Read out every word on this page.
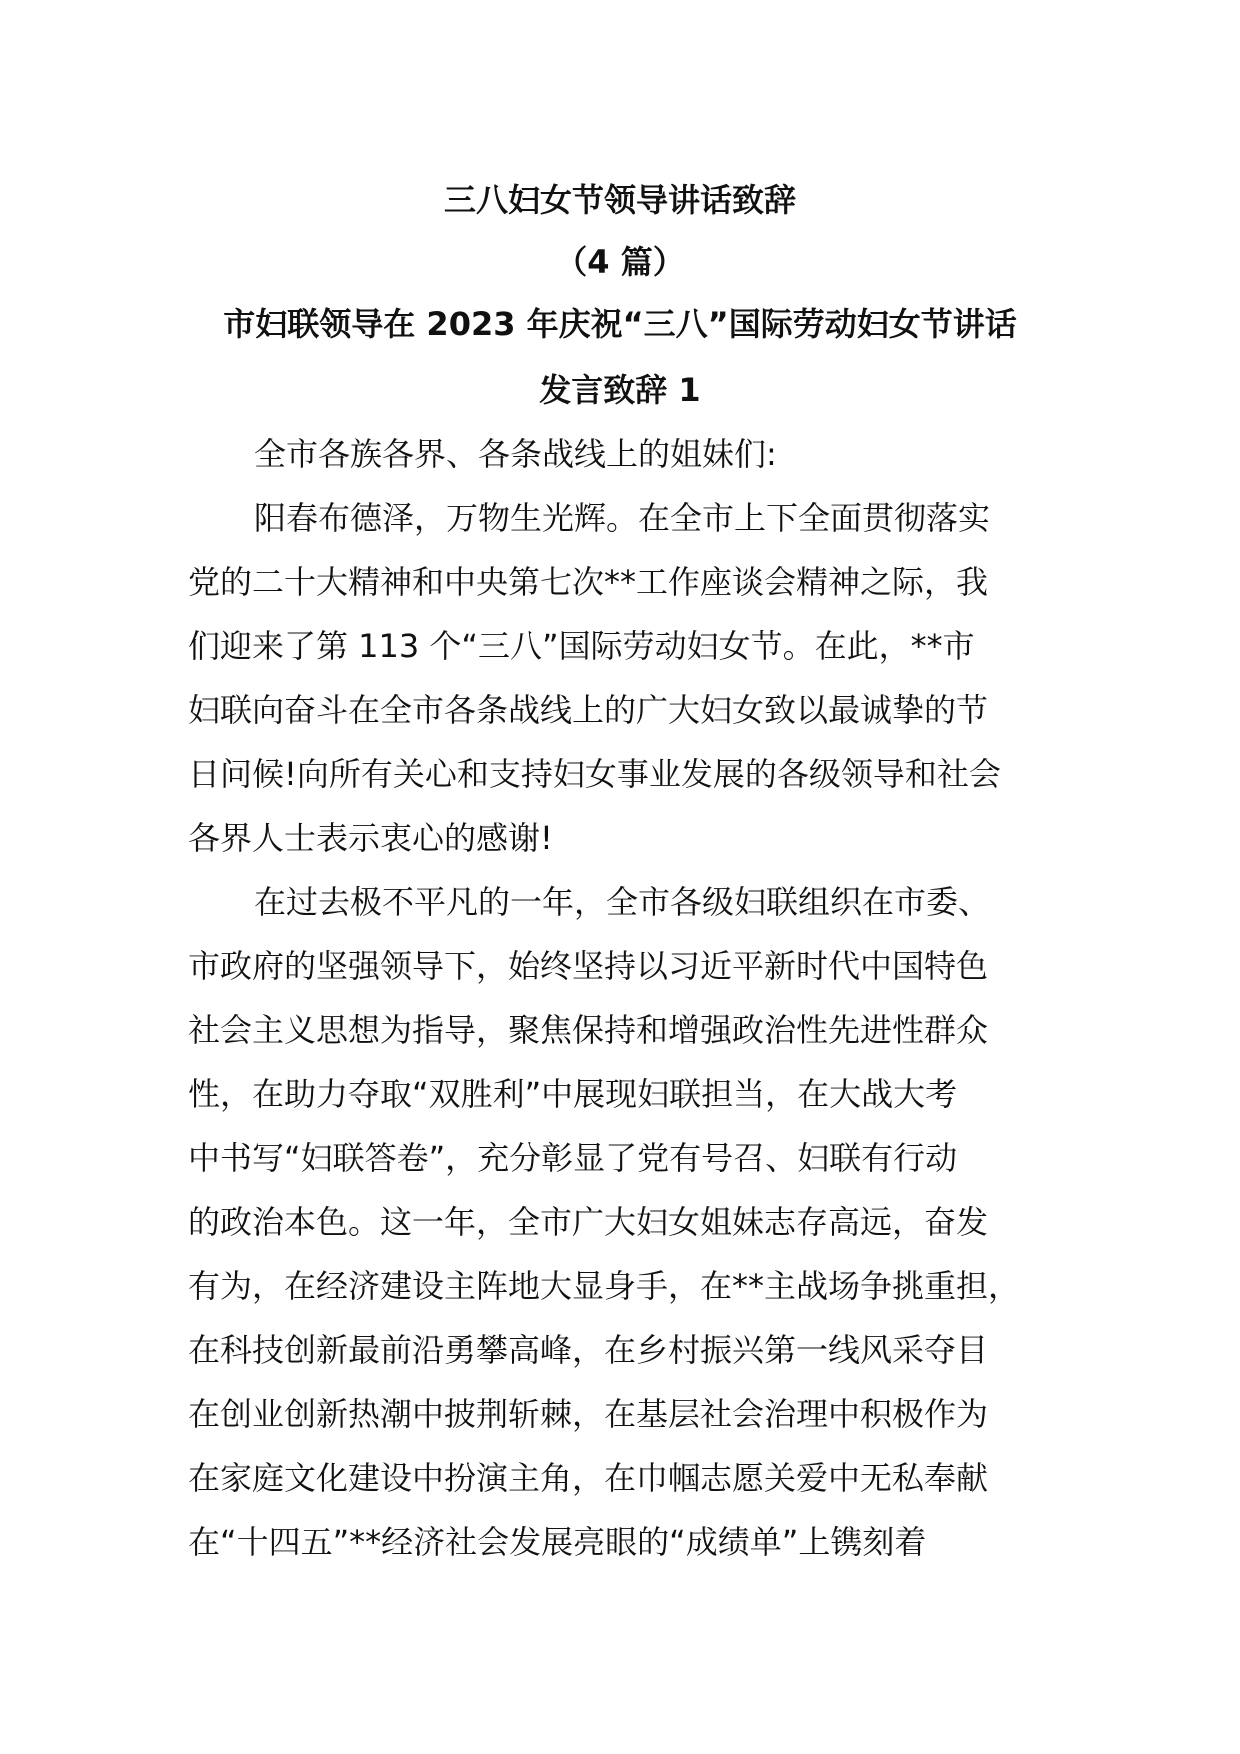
三八妇女节领导讲话致辞

（4 篇）

市妇联领导在 2023 年庆祝“三八”国际劳动妇女节讲话

发言致辞 1

全市各族各界、各条战线上的姐妹们:

阳春布德泽，万物生光辉。在全市上下全面贯彻落实

党的二十大精神和中央第七次**工作座谈会精神之际，我

们迎来了第 113 个“三八”国际劳动妇女节。在此，**市

妇联向奋斗在全市各条战线上的广大妇女致以最诚挚的节

日问候!向所有关心和支持妇女事业发展的各级领导和社会

各界人士表示衷心的感谢!

在过去极不平凡的一年，全市各级妇联组织在市委、

市政府的坚强领导下，始终坚持以习近平新时代中国特色

社会主义思想为指导，聚焦保持和增强政治性先进性群众

性，在助力夺取“双胜利”中展现妇联担当，在大战大考

中书写“妇联答卷”，充分彰显了党有号召、妇联有行动

的政治本色。这一年，全市广大妇女姐妹志存高远，奋发

有为，在经济建设主阵地大显身手，在**主战场争挑重担，

在科技创新最前沿勇攀高峰，在乡村振兴第一线风采夺目

在创业创新热潮中披荆斩棘，在基层社会治理中积极作为

在家庭文化建设中扮演主角，在巾帼志愿关爱中无私奉献

在“十四五”**经济社会发展亮眼的“成绩单”上镌刻着
